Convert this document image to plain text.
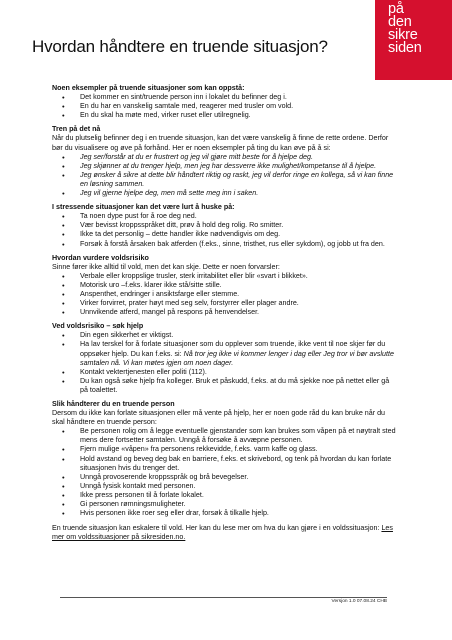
på
den
sikre
siden
Hvordan håndtere en truende situasjon?
Noen eksempler på truende situasjoner som kan oppstå:
• Det kommer en sint/truende person inn i lokalet du befinner deg i.
• En du har en vanskelig samtale med, reagerer med trusler om vold.
• En du skal ha møte med, virker ruset eller utilregnelig.
Tren på det nå

Når du plutselig befinner deg i en truende situasjon, kan det være vanskelig å finne de rette ordene. Derfor bør du visualisere og øve på forhånd. Her er noen eksempler på ting du kan øve på å si:

• Jeg ser/forstår at du er frustrert og jeg vil gjøre mitt beste for å hjelpe deg.
• Jeg skjønner at du trenger hjelp, men jeg har dessverre ikke mulighet/kompetanse til å hjelpe.
• Jeg ønsker å sikre at dette blir håndtert riktig og raskt, jeg vil derfor ringe en kollega, så vi kan finne en løsning sammen.
• Jeg vil gjerne hjelpe deg, men må sette meg inn i saken.
I stressende situasjoner kan det være lurt å huske på:
• Ta noen dype pust for å roe deg ned.
• Vær bevisst kroppsspråket ditt, prøv å hold deg rolig. Ro smitter.
• Ikke ta det personlig – dette handler ikke nødvendigvis om deg.
• Forsøk å forstå årsaken bak atferden (f.eks., sinne, tristhet, rus eller sykdom), og jobb ut fra den.
Hvordan vurdere voldsrisiko

Sinne fører ikke alltid til vold, men det kan skje. Dette er noen forvarsler:

• Verbale eller kroppslige trusler, sterk irritabilitet eller blir «svart i blikket».
• Motorisk uro –f.eks. klarer ikke stå/sitte stille.
• Anspenthet, endringer i ansiktsfarge eller stemme.
• Virker forvirret, prater høyt med seg selv, forstyrrer eller plager andre.
• Unnvikende atferd, mangel på respons på henvendelser.
Ved voldsrisiko – søk hjelp
• Din egen sikkerhet er viktigst.
• Ha lav terskel for å forlate situasjoner som du opplever som truende, ikke vent til noe skjer før du oppsøker hjelp. Du kan f.eks. si: Nå tror jeg ikke vi kommer lenger i dag eller Jeg tror vi bør avslutte samtalen nå. Vi kan møtes igjen om noen dager.
• Kontakt vektertjenesten eller politi (112).
• Du kan også søke hjelp fra kolleger. Bruk et påskudd, f.eks. at du må sjekke noe på nettet eller gå på toalettet.
Slik håndterer du en truende person

Dersom du ikke kan forlate situasjonen eller må vente på hjelp, her er noen gode råd du kan bruke når du skal håndtere en truende person:

• Be personen rolig om å legge eventuelle gjenstander som kan brukes som våpen på et nøytralt sted mens dere fortsetter samtalen. Unngå å forsøke å avvæpne personen.
• Fjern mulige «våpen» fra personens rekkevidde, f.eks. varm kaffe og glass.
• Hold avstand og beveg deg bak en barriere, f.eks. et skrivebord, og tenk på hvordan du kan forlate situasjonen hvis du trenger det.
• Unngå provoserende kroppsspråk og brå bevegelser.
• Unngå fysisk kontakt med personen.
• Ikke press personen til å forlate lokalet.
• Gi personen rømningsmuligheter.
• Hvis personen ikke roer seg eller drar, forsøk å tilkalle hjelp.

En truende situasjon kan eskalere til vold. Her kan du lese mer om hva du kan gjøre i en voldssituasjon: Les mer om voldssituasjoner på sikresiden.no.

Versjon 1.0 07.08.24 CHB
